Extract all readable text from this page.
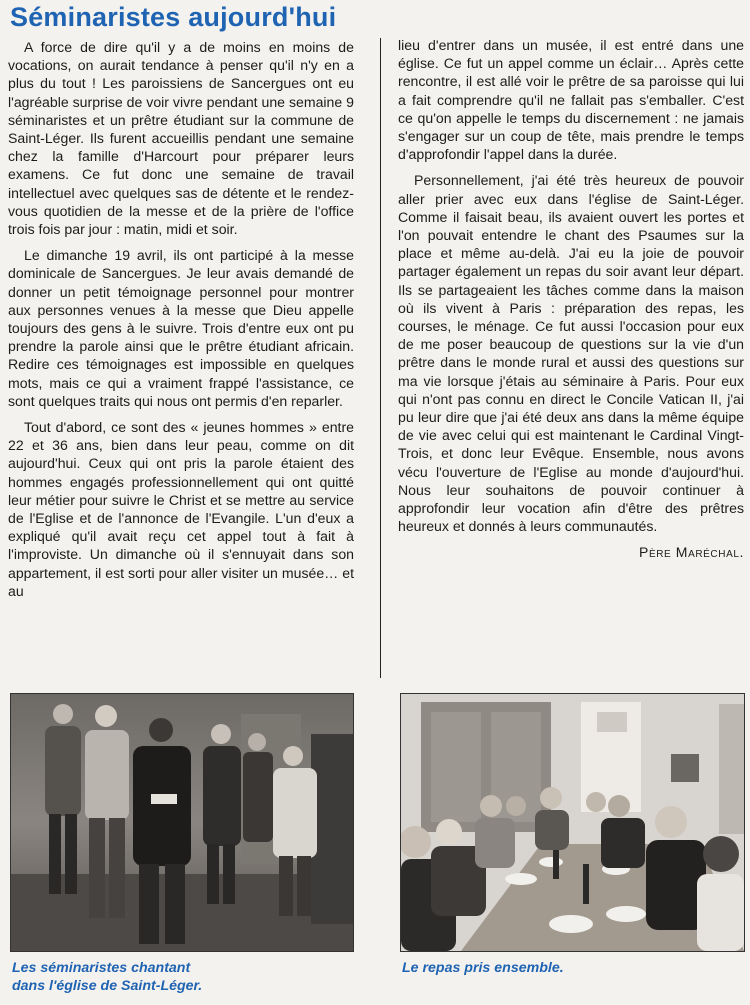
Séminaristes aujourd'hui

A force de dire qu'il y a de moins en moins de vocations, on aurait tendance à penser qu'il n'y en a plus du tout ! Les paroissiens de Sancergues ont eu l'agréable surprise de voir vivre pendant une semaine 9 séminaristes et un prêtre étudiant sur la commune de Saint-Léger. Ils furent accueillis pendant une semaine chez la famille d'Harcourt pour préparer leurs examens. Ce fut donc une semaine de travail intellectuel avec quelques sas de détente et le rendez-vous quotidien de la messe et de la prière de l'office trois fois par jour : matin, midi et soir.

Le dimanche 19 avril, ils ont participé à la messe dominicale de Sancergues. Je leur avais demandé de donner un petit témoignage personnel pour montrer aux personnes venues à la messe que Dieu appelle toujours des gens à le suivre. Trois d'entre eux ont pu prendre la parole ainsi que le prêtre étudiant africain. Redire ces témoignages est impossible en quelques mots, mais ce qui a vraiment frappé l'assistance, ce sont quelques traits qui nous ont permis d'en reparler.

Tout d'abord, ce sont des « jeunes hommes » entre 22 et 36 ans, bien dans leur peau, comme on dit aujourd'hui. Ceux qui ont pris la parole étaient des hommes engagés professionnellement qui ont quitté leur métier pour suivre le Christ et se mettre au service de l'Eglise et de l'annonce de l'Evangile. L'un d'eux a expliqué qu'il avait reçu cet appel tout à fait à l'improviste. Un dimanche où il s'ennuyait dans son appartement, il est sorti pour aller visiter un musée… et au

lieu d'entrer dans un musée, il est entré dans une église. Ce fut un appel comme un éclair… Après cette rencontre, il est allé voir le prêtre de sa paroisse qui lui a fait comprendre qu'il ne fallait pas s'emballer. C'est ce qu'on appelle le temps du discernement : ne jamais s'engager sur un coup de tête, mais prendre le temps d'approfondir l'appel dans la durée.

Personnellement, j'ai été très heureux de pouvoir aller prier avec eux dans l'église de Saint-Léger. Comme il faisait beau, ils avaient ouvert les portes et l'on pouvait entendre le chant des Psaumes sur la place et même au-delà. J'ai eu la joie de pouvoir partager également un repas du soir avant leur départ. Ils se partageaient les tâches comme dans la maison où ils vivent à Paris : préparation des repas, les courses, le ménage. Ce fut aussi l'occasion pour eux de me poser beaucoup de questions sur la vie d'un prêtre dans le monde rural et aussi des questions sur ma vie lorsque j'étais au séminaire à Paris. Pour eux qui n'ont pas connu en direct le Concile Vatican II, j'ai pu leur dire que j'ai été deux ans dans la même équipe de vie avec celui qui est maintenant le Cardinal Vingt-Trois, et donc leur Evêque. Ensemble, nous avons vécu l'ouverture de l'Eglise au monde d'aujourd'hui. Nous leur souhaitons de pouvoir continuer à approfondir leur vocation afin d'être des prêtres heureux et donnés à leurs communautés.

Père Maréchal.
Les séminaristes chantant
dans l'église de Saint-Léger.
Le repas pris ensemble.
